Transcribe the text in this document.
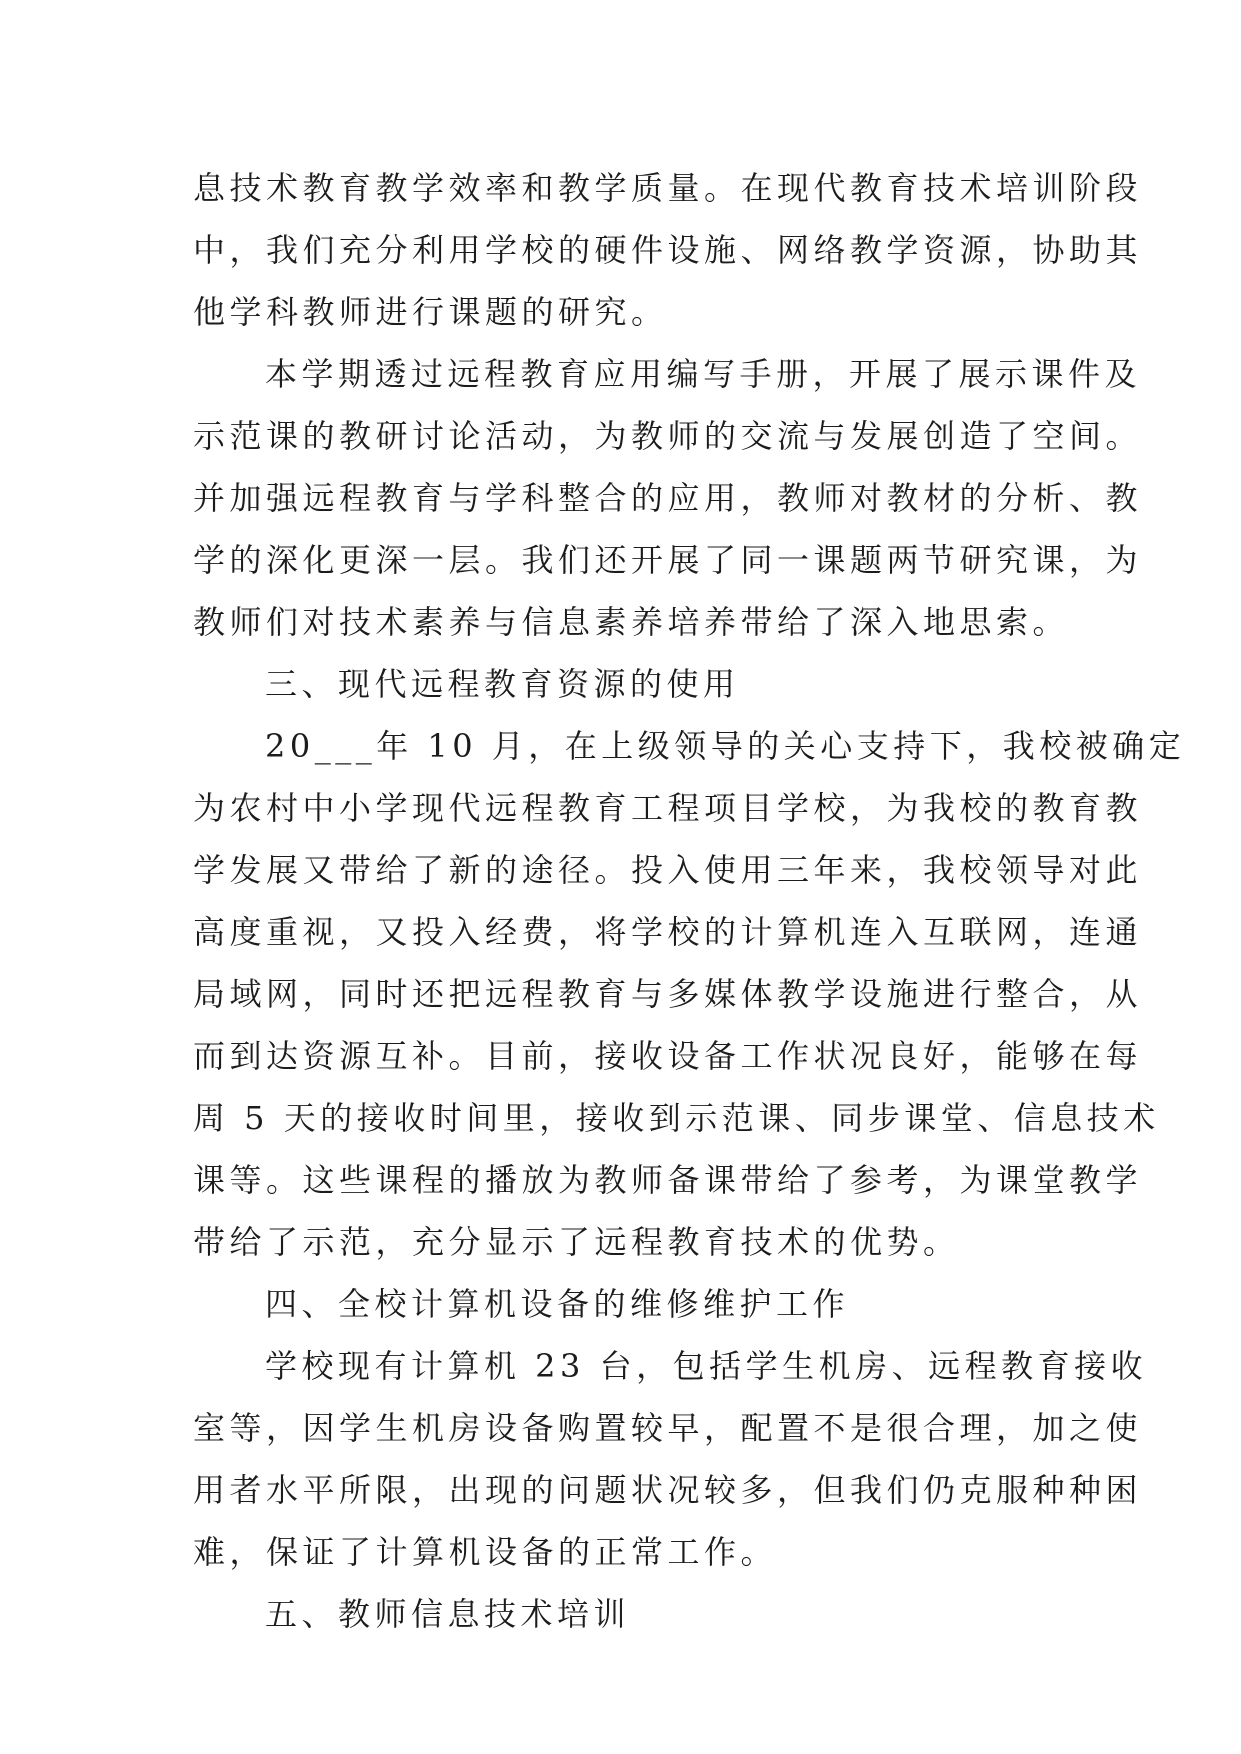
息技术教育教学效率和教学质量。在现代教育技术培训阶段
中，我们充分利用学校的硬件设施、网络教学资源，协助其
他学科教师进行课题的研究。
本学期透过远程教育应用编写手册，开展了展示课件及
示范课的教研讨论活动，为教师的交流与发展创造了空间。
并加强远程教育与学科整合的应用，教师对教材的分析、教
学的深化更深一层。我们还开展了同一课题两节研究课，为
教师们对技术素养与信息素养培养带给了深入地思索。
三、现代远程教育资源的使用
20___年 10 月，在上级领导的关心支持下，我校被确定
为农村中小学现代远程教育工程项目学校，为我校的教育教
学发展又带给了新的途径。投入使用三年来，我校领导对此
高度重视，又投入经费，将学校的计算机连入互联网，连通
局域网，同时还把远程教育与多媒体教学设施进行整合，从
而到达资源互补。目前，接收设备工作状况良好，能够在每
周 5 天的接收时间里，接收到示范课、同步课堂、信息技术
课等。这些课程的播放为教师备课带给了参考，为课堂教学
带给了示范，充分显示了远程教育技术的优势。
四、全校计算机设备的维修维护工作
学校现有计算机 23 台，包括学生机房、远程教育接收
室等，因学生机房设备购置较早，配置不是很合理，加之使
用者水平所限，出现的问题状况较多，但我们仍克服种种困
难，保证了计算机设备的正常工作。
五、教师信息技术培训
